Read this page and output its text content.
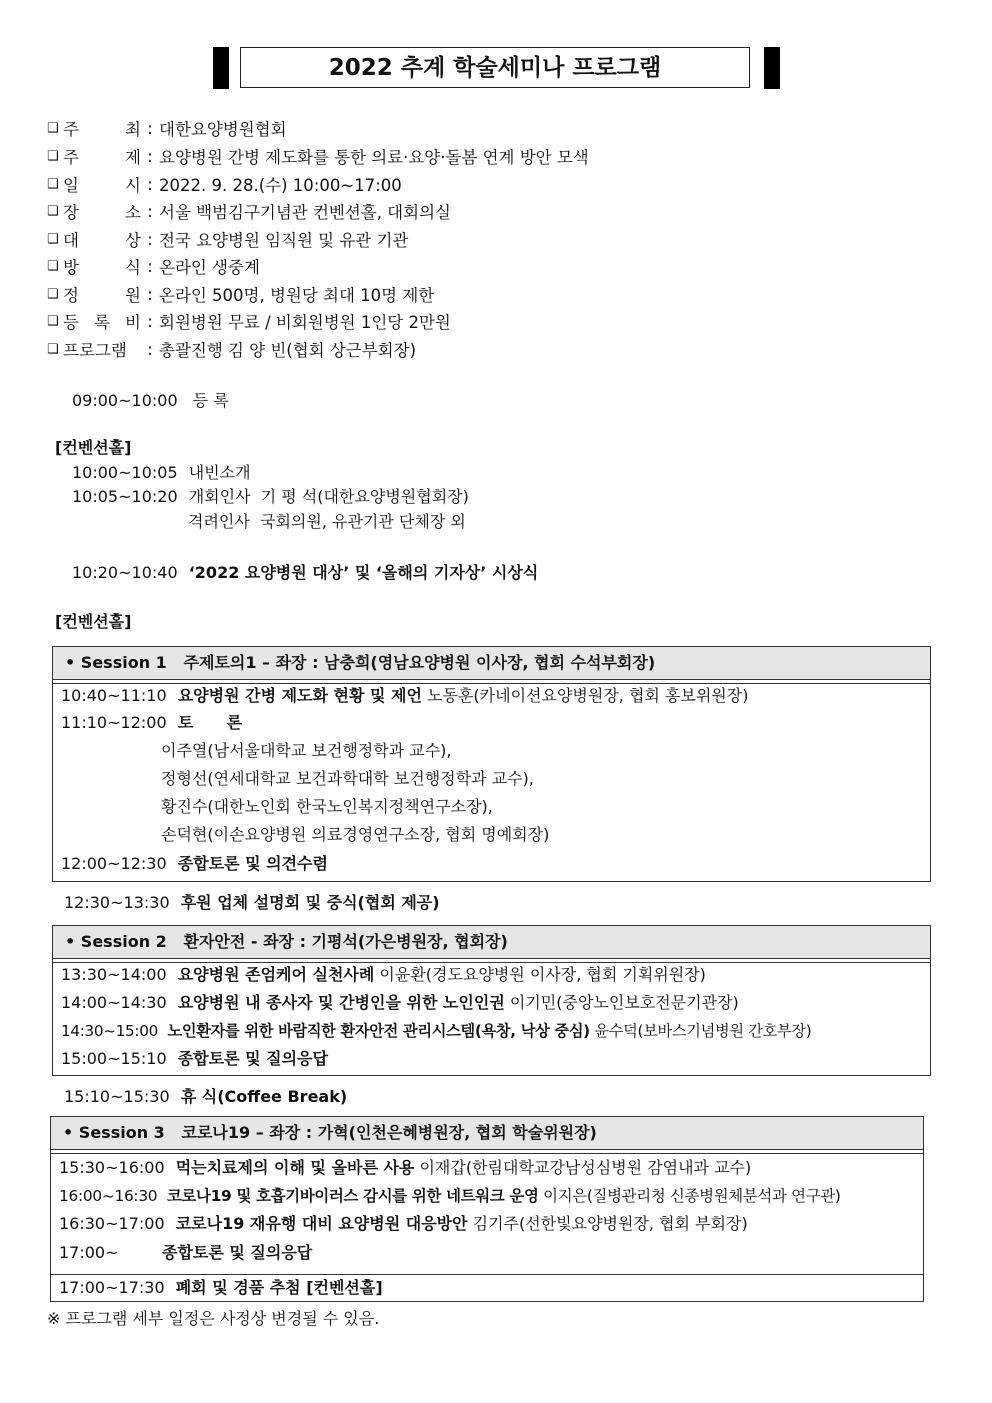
2022 추계 학술세미나 프로그램
❑ 주	최 : 대한요양병원협회
❑ 주	제 : 요양병원 간병 제도화를 통한 의료·요양·돌봄 연계 방안 모색
❑ 일	시 : 2022. 9. 28.(수) 10:00~17:00
❑ 장	소 : 서울 백범김구기념관 컨벤션홀, 대회의실
❑ 대	상 : 전국 요양병원 임직원 및 유관 기관
❑ 방	식 : 온라인 생중계
❑ 정	원 : 온라인 500명, 병원당 최대 10명 제한
❑ 등 록 비 : 회원병원 무료 / 비회원병원 1인당 2만원
❑ 프로그램	: 총괄진행 김 양 빈(협회 상근부회장)
09:00~10:00 등 록
[컨벤션홀]
10:00~10:05 내빈소개
10:05~10:20 개회인사  기 평 석(대한요양병원협회장)
격려인사  국회의원, 유관기관 단체장 외
10:20~10:40 ‘2022 요양병원 대상’ 및 ‘올해의 기자상’ 시상식
[컨벤션홀]
• Session 1   주제토의1 – 좌장 : 남충희(영남요양병원 이사장, 협회 수석부회장)
10:40~11:10 요양병원 간병 제도화 현황 및 제언 노동훈(카네이션요양병원장, 협회 홍보위원장)
11:10~12:00 토      론
이주열(남서울대학교 보건행정학과 교수),
정형선(연세대학교 보건과학대학 보건행정학과 교수),
황진수(대한노인회 한국노인복지정책연구소장),
손덕현(이손요양병원 의료경영연구소장, 협회 명예회장)
12:00~12:30 종합토론 및 의견수렴
12:30~13:30 후원 업체 설명회 및 중식(협회 제공)
• Session 2   환자안전 - 좌장 : 기평석(가은병원장, 협회장)
13:30~14:00 요양병원 존엄케어 실천사례 이윤환(경도요양병원 이사장, 협회 기획위원장)
14:00~14:30 요양병원 내 종사자 및 간병인을 위한 노인인권 이기민(중앙노인보호전문기관장)
14:30~15:00 노인환자를 위한 바람직한 환자안전 관리시스템(욕창, 낙상 중심) 윤수덕(보바스기념병원 간호부장)
15:00~15:10 종합토론 및 질의응답
15:10~15:30 휴 식(Coffee Break)
• Session 3   코로나19 – 좌장 : 가혁(인천은혜병원장, 협회 학술위원장)
15:30~16:00 먹는치료제의 이해 및 올바른 사용 이재갑(한림대학교강남성심병원 감염내과 교수)
16:00~16:30 코로나19 및 호흡기바이러스 감시를 위한 네트워크 운영 이지은(질병관리청 신종병원체분석과 연구관)
16:30~17:00 코로나19 재유행 대비 요양병원 대응방안 김기주(선한빛요양병원장, 협회 부회장)
17:00~	종합토론 및 질의응답
17:00~17:30 폐회 및 경품 추첨 [컨벤션홀]
※ 프로그램 세부 일정은 사정상 변경될 수 있음.
